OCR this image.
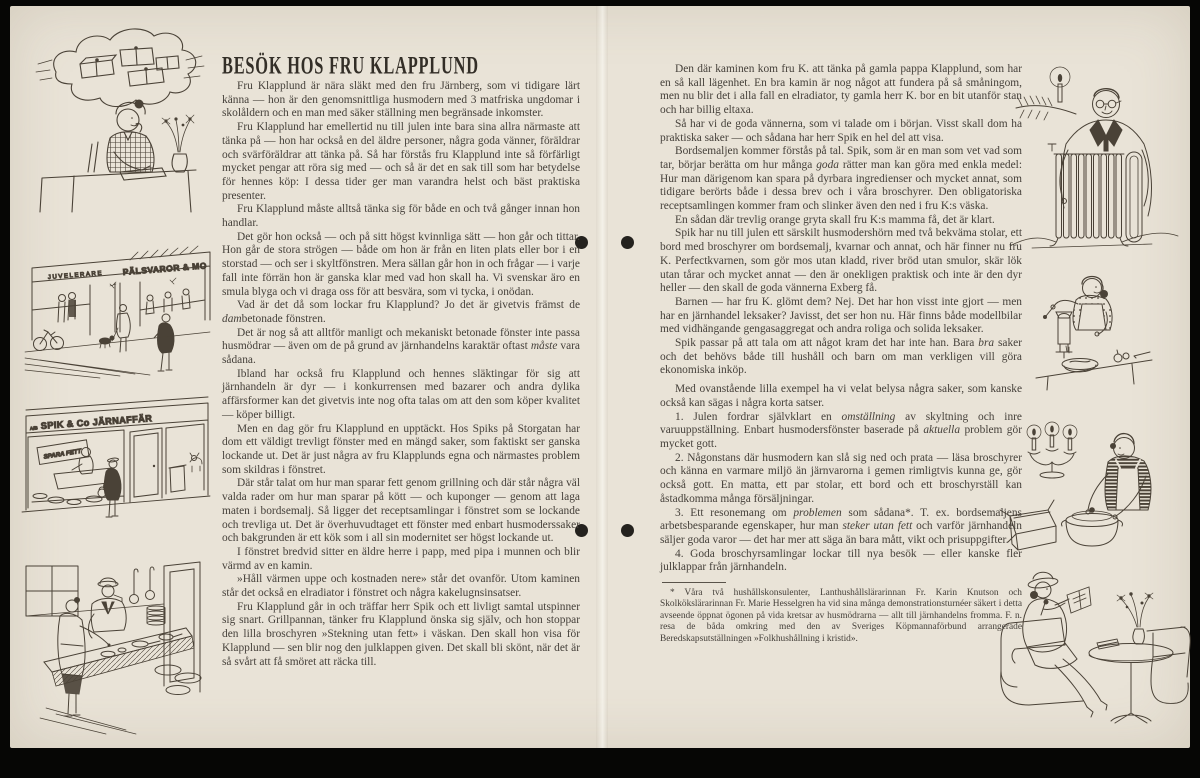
JUVELERARE PÄLSVAROR & MO
A/B SPIK & Co JÄRNAFFÄR
SPARA FETT
BESÖK HOS FRU KLAPPLUND

Fru Klapplund är nära släkt med den fru Järnberg, som vi tidigare lärt känna — hon är den genomsnittliga husmodern med 3 matfriska ungdomar i skolåldern och en man med säker ställning men begränsade inkomster.

Fru Klapplund har emellertid nu till julen inte bara sina allra närmaste att tänka på — hon har också en del äldre personer, några goda vänner, föräldrar och svärföräldrar att tänka på. Så har förstås fru Klapplund inte så förfärligt mycket pengar att röra sig med — och så är det en sak till som har betydelse för hennes köp: I dessa tider ger man varandra helst och bäst praktiska presenter.

Fru Klapplund måste alltså tänka sig för både en och två gånger innan hon handlar.

Det gör hon också — och på sitt högst kvinnliga sätt — hon går och tittar. Hon går de stora strögen — både om hon är från en liten plats eller bor i en storstad — och ser i skyltfönstren. Mera sällan går hon in och frågar — i varje fall inte förrän hon är ganska klar med vad hon skall ha. Vi svenskar äro en smula blyga och vi draga oss för att besvära, som vi tycka, i onödan.

Vad är det då som lockar fru Klapplund? Jo det är givetvis främst de dambetonade fönstren.

Det är nog så att alltför manligt och mekaniskt betonade fönster inte passa husmödrar — även om de på grund av järnhandelns karaktär oftast måste vara sådana.

Ibland har också fru Klapplund och hennes släktingar för sig att järnhandeln är dyr — i konkurrensen med bazarer och andra dylika affärsformer kan det givetvis inte nog ofta talas om att den som köper kvalitet — köper billigt.

Men en dag gör fru Klapplund en upptäckt. Hos Spiks på Storgatan har dom ett väldigt trevligt fönster med en mängd saker, som faktiskt ser ganska lockande ut. Det är just några av fru Klapplunds egna och närmastes problem som skildras i fönstret.

Där står talat om hur man sparar fett genom grillning och där står några väl valda rader om hur man sparar på kött — och kuponger — genom att laga maten i bordsemalj. Så ligger det receptsamlingar i fönstret som se lockande och trevliga ut. Det är överhuvudtaget ett fönster med enbart husmoderssaker och bakgrunden är ett kök som i all sin modernitet ser högst lockande ut.

I fönstret bredvid sitter en äldre herre i papp, med pipa i munnen och blir värmd av en kamin.

»Håll värmen uppe och kostnaden nere» står det ovanför. Utom kaminen står det också en elradiator i fönstret och några kakelugnsinsatser.

Fru Klapplund går in och träffar herr Spik och ett livligt samtal utspinner sig snart. Grillpannan, tänker fru Klapplund önska sig själv, och hon stoppar den lilla broschyren »Stekning utan fett» i väskan. Den skall hon visa för Klapplund — sen blir nog den julklappen given. Det skall bli skönt, när det är så svårt att få smöret att räcka till.

Den där kaminen kom fru K. att tänka på gamla pappa Klapplund, som har en så kall lägenhet. En bra kamin är nog något att fundera på så småningom, men nu blir det i alla fall en elradiator, ty gamla herr K. bor en bit utanför stan och har billig eltaxa.

Så har vi de goda vännerna, som vi talade om i början. Visst skall dom ha praktiska saker — och sådana har herr Spik en hel del att visa.

Bordsemaljen kommer förstås på tal. Spik, som är en man som vet vad som tar, börjar berätta om hur många goda rätter man kan göra med enkla medel: Hur man därigenom kan spara på dyrbara ingredienser och mycket annat, som tidigare berörts både i dessa brev och i våra broschyrer. Den obligatoriska receptsamlingen kommer fram och slinker även den ned i fru K:s väska.

En sådan där trevlig orange gryta skall fru K:s mamma få, det är klart.

Spik har nu till julen ett särskilt husmodershörn med två bekväma stolar, ett bord med broschyrer om bordsemalj, kvarnar och annat, och här finner nu fru K. Perfectkvarnen, som gör mos utan kladd, river bröd utan smulor, skär lök utan tårar och mycket annat — den är onekligen praktisk och inte är den dyr heller — den skall de goda vännerna Exberg få.

Barnen — har fru K. glömt dem? Nej. Det har hon visst inte gjort — men har en järnhandel leksaker? Javisst, det ser hon nu. Här finns både modellbilar med vidhängande gengasaggregat och andra roliga och solida leksaker.

Spik passar på att tala om att något kram det har inte han. Bara bra saker och det behövs både till hushåll och barn om man verkligen vill göra ekonomiska inköp.

Med ovanstående lilla exempel ha vi velat belysa några saker, som kanske också kan sägas i några korta satser.

1. Julen fordrar självklart en omställning av skyltning och inre varuuppställning. Enbart husmodersfönster baserade på aktuella problem gör mycket gott.

2. Någonstans där husmodern kan slå sig ned och prata — läsa broschyrer och känna en varmare miljö än järnvarorna i gemen rimligtvis kunna ge, gör också gott. En matta, ett par stolar, ett bord och ett broschyrställ kan åstadkomma många försäljningar.

3. Ett resonemang om problemen som sådana*. T. ex. bordsemaljens arbetsbesparande egenskaper, hur man steker utan fett och varför järnhandeln säljer goda varor — det har mer att säga än bara mått, vikt och prisuppgifter.

4. Goda broschyrsamlingar lockar till nya besök — eller kanske fler julklappar från järnhandeln.

* Våra två hushållskonsulenter, Lanthushållslärarinnan Fr. Karin Knutson och Skolkökslärarinnan Fr. Marie Hesselgren ha vid sina många demonstrationsturnéer säkert i detta avseende öppnat ögonen på vida kretsar av husmödrarna — allt till järnhandelns fromma. F. n. resa de båda omkring med den av Sveriges Köpmannaförbund arrangerade Beredskapsutställningen »Folkhushållning i kristid».
